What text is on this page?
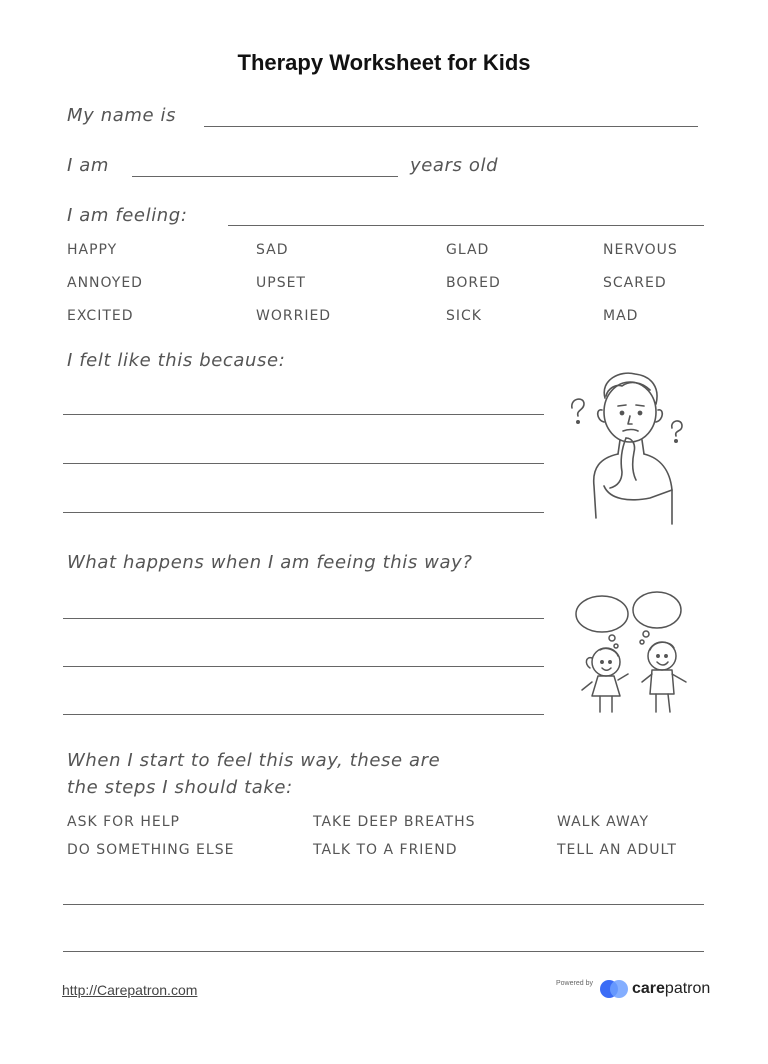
Therapy Worksheet for Kids
My name is
I am	years old
I am feeling:
HAPPY	SAD	GLAD	NERVOUS
ANNOYED	UPSET	BORED	SCARED
EXCITED	WORRIED	SICK	MAD
I felt like this because:
What happens when I am feeing this way?
When I start to feel this way, these are
the steps I should take:
ASK FOR HELP	TAKE DEEP BREATHS	WALK AWAY
DO SOMETHING ELSE	TALK TO A FRIEND	TELL AN ADULT
http://Carepatron.com	Powered by carepatron
